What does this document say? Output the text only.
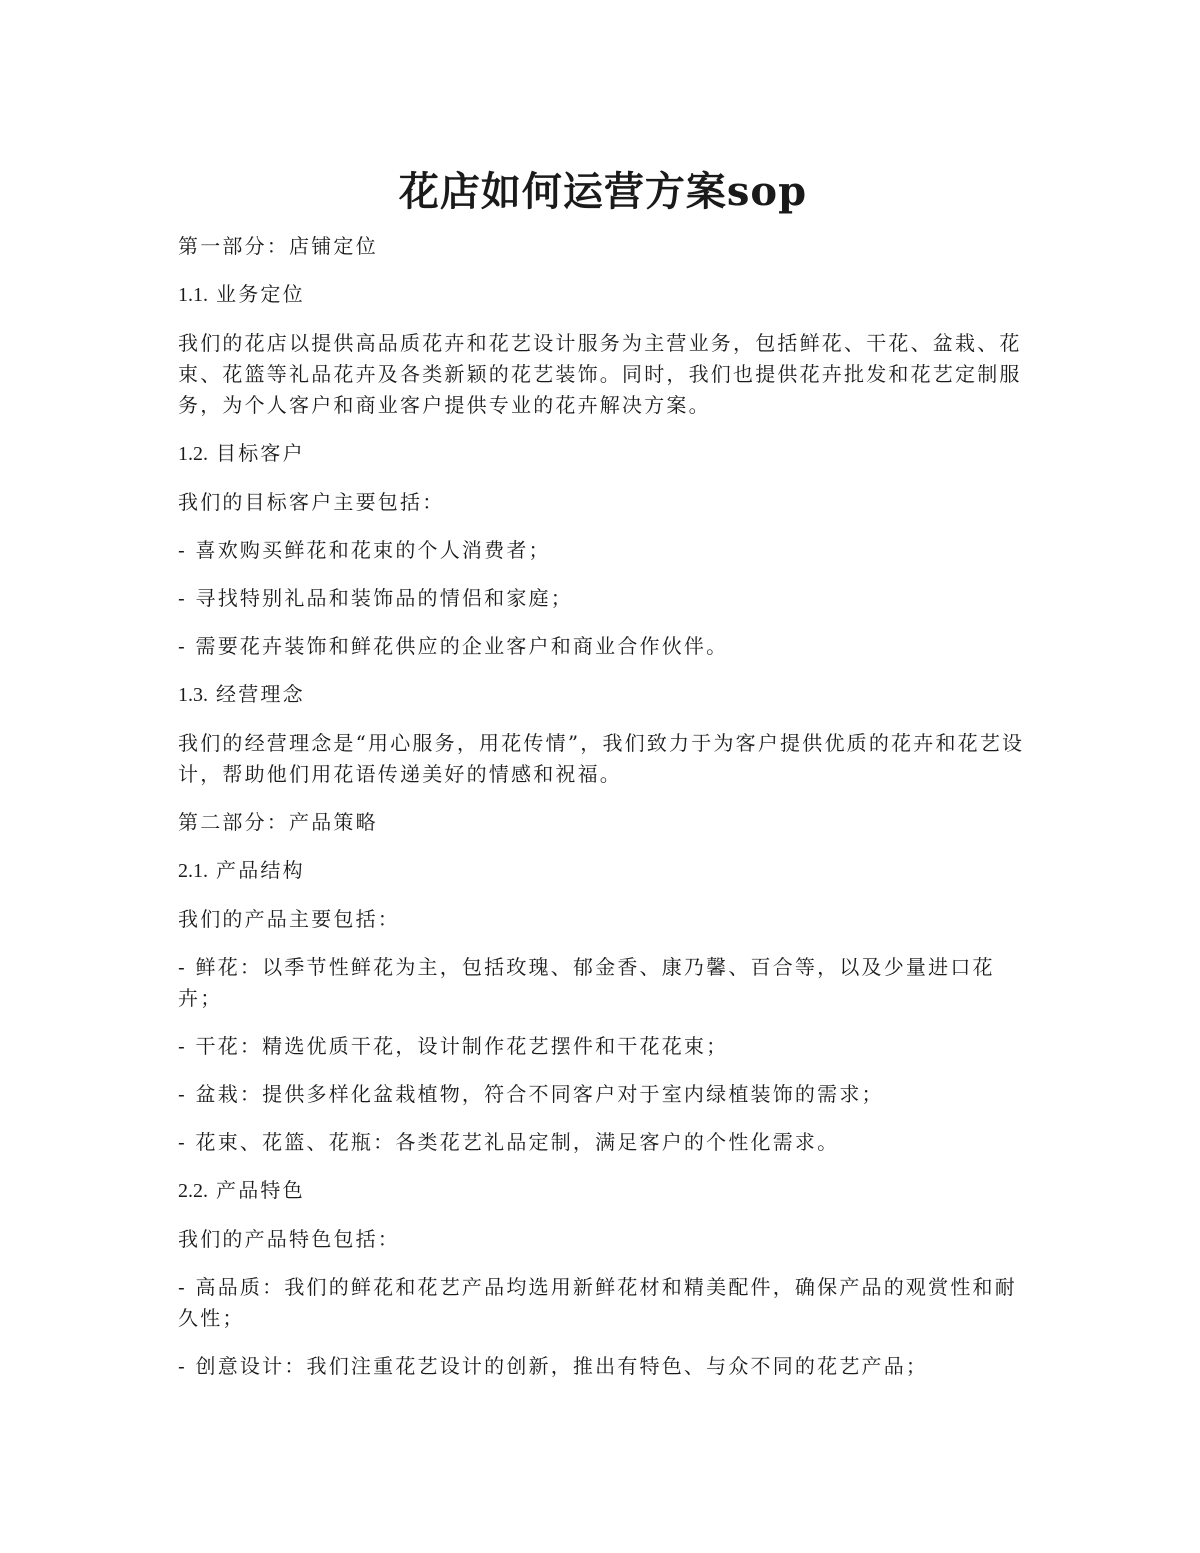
花店如何运营方案sop

第一部分：店铺定位

1.1. 业务定位

我们的花店以提供高品质花卉和花艺设计服务为主营业务，包括鲜花、干花、盆栽、花束、花篮等礼品花卉及各类新颖的花艺装饰。同时，我们也提供花卉批发和花艺定制服务，为个人客户和商业客户提供专业的花卉解决方案。

1.2. 目标客户

我们的目标客户主要包括：

- 喜欢购买鲜花和花束的个人消费者；

- 寻找特别礼品和装饰品的情侣和家庭；

- 需要花卉装饰和鲜花供应的企业客户和商业合作伙伴。

1.3. 经营理念

我们的经营理念是“用心服务，用花传情”，我们致力于为客户提供优质的花卉和花艺设计，帮助他们用花语传递美好的情感和祝福。

第二部分：产品策略

2.1. 产品结构

我们的产品主要包括：

- 鲜花：以季节性鲜花为主，包括玫瑰、郁金香、康乃馨、百合等，以及少量进口花卉；

- 干花：精选优质干花，设计制作花艺摆件和干花花束；

- 盆栽：提供多样化盆栽植物，符合不同客户对于室内绿植装饰的需求；

- 花束、花篮、花瓶：各类花艺礼品定制，满足客户的个性化需求。

2.2. 产品特色

我们的产品特色包括：

- 高品质：我们的鲜花和花艺产品均选用新鲜花材和精美配件，确保产品的观赏性和耐久性；

- 创意设计：我们注重花艺设计的创新，推出有特色、与众不同的花艺产品；
